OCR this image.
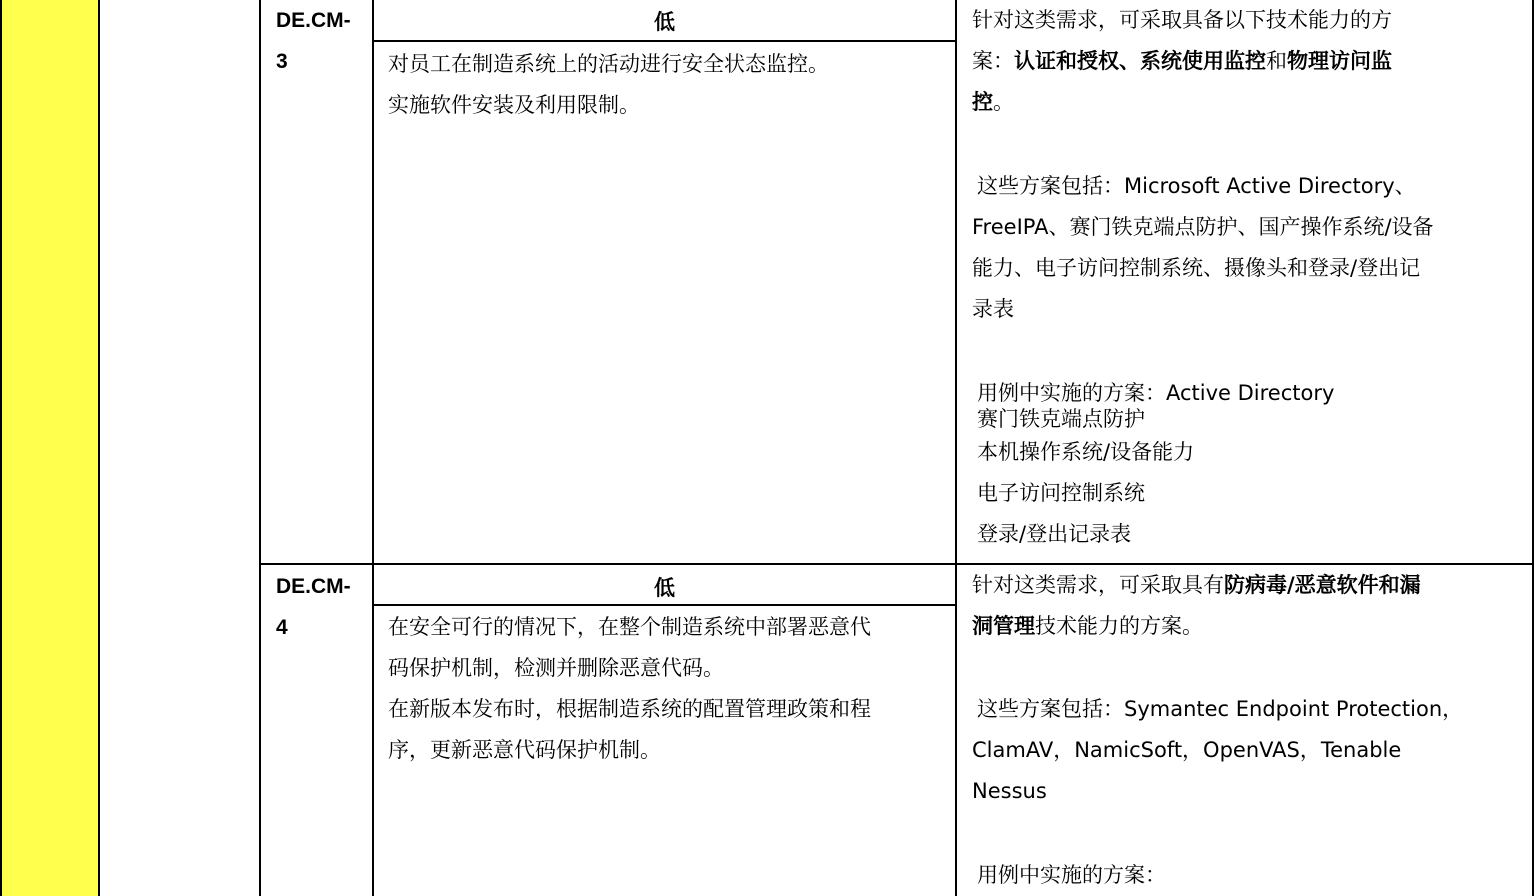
DE.CM-
3
低
对员工在制造系统上的活动进行安全状态监控。
实施软件安装及利用限制。
针对这类需求，可采取具备以下技术能力的方
案：认证和授权、系统使用监控和物理访问监
控。
这些方案包括：Microsoft Active Directory、
FreeIPA、赛门铁克端点防护、国产操作系统/设备
能力、电子访问控制系统、摄像头和登录/登出记
录表
用例中实施的方案：Active Directory
赛门铁克端点防护
本机操作系统/设备能力
电子访问控制系统
登录/登出记录表
DE.CM-
4
低
在安全可行的情况下，在整个制造系统中部署恶意代
码保护机制，检测并删除恶意代码。
在新版本发布时，根据制造系统的配置管理政策和程
序，更新恶意代码保护机制。
针对这类需求，可采取具有防病毒/恶意软件和漏
洞管理技术能力的方案。
这些方案包括：Symantec Endpoint Protection，
ClamAV，NamicSoft，OpenVAS，Tenable
Nessus
用例中实施的方案：
